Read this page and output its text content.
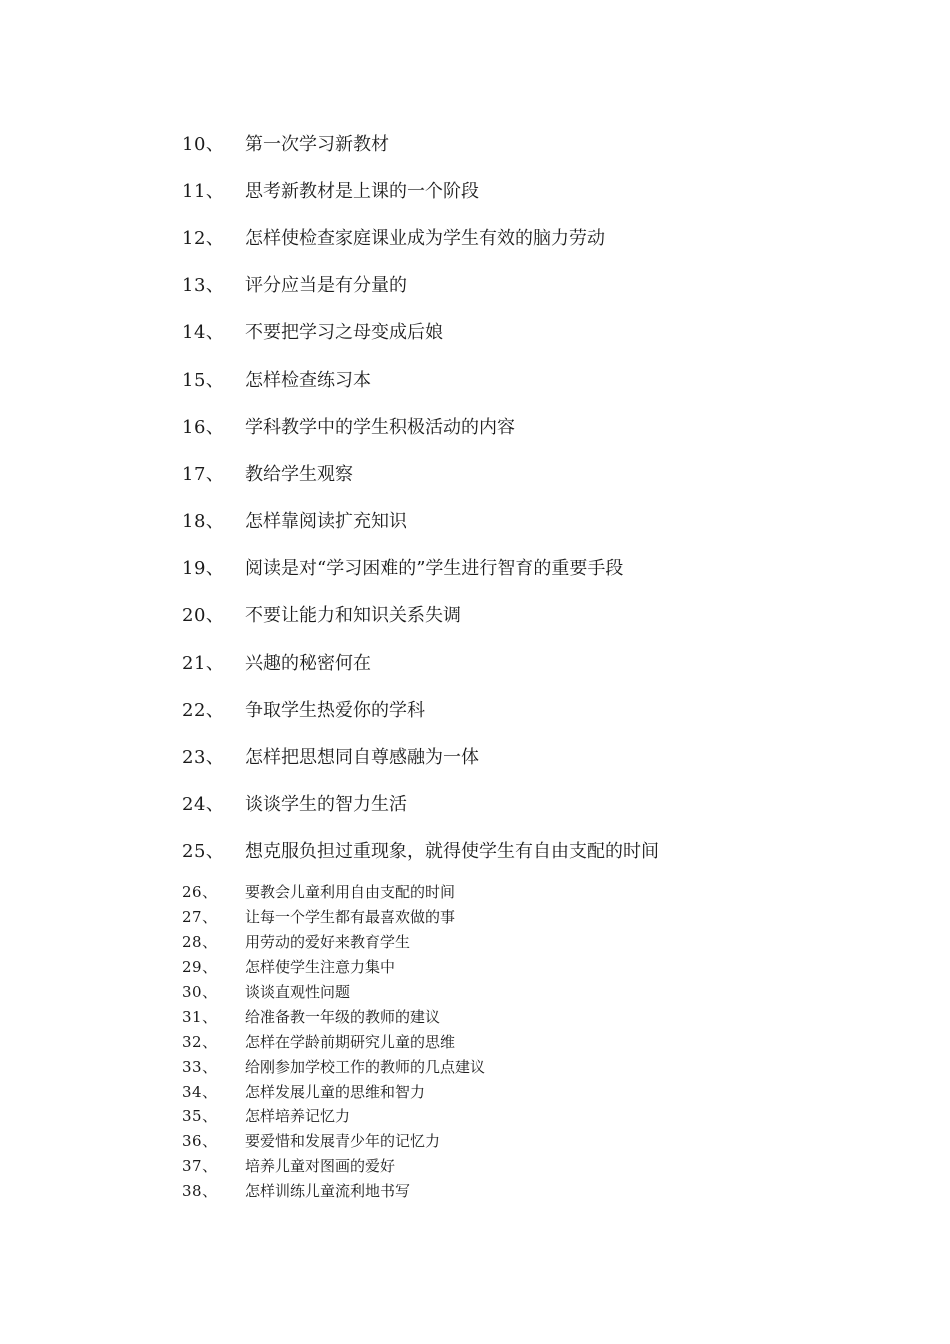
10、	第一次学习新教材
11、	思考新教材是上课的一个阶段
12、	怎样使检查家庭课业成为学生有效的脑力劳动
13、	评分应当是有分量的
14、	不要把学习之母变成后娘
15、	怎样检查练习本
16、	学科教学中的学生积极活动的内容
17、	教给学生观察
18、	怎样靠阅读扩充知识
19、	阅读是对“学习困难的”学生进行智育的重要手段
20、	不要让能力和知识关系失调
21、	兴趣的秘密何在
22、	争取学生热爱你的学科
23、	怎样把思想同自尊感融为一体
24、	谈谈学生的智力生活
25、	想克服负担过重现象，就得使学生有自由支配的时间
26、	要教会儿童利用自由支配的时间
27、	让每一个学生都有最喜欢做的事
28、	用劳动的爱好来教育学生
29、	怎样使学生注意力集中
30、	谈谈直观性问题
31、	给准备教一年级的教师的建议
32、	怎样在学龄前期研究儿童的思维
33、	给刚参加学校工作的教师的几点建议
34、	怎样发展儿童的思维和智力
35、	怎样培养记忆力
36、	要爱惜和发展青少年的记忆力
37、	培养儿童对图画的爱好
38、	怎样训练儿童流利地书写
